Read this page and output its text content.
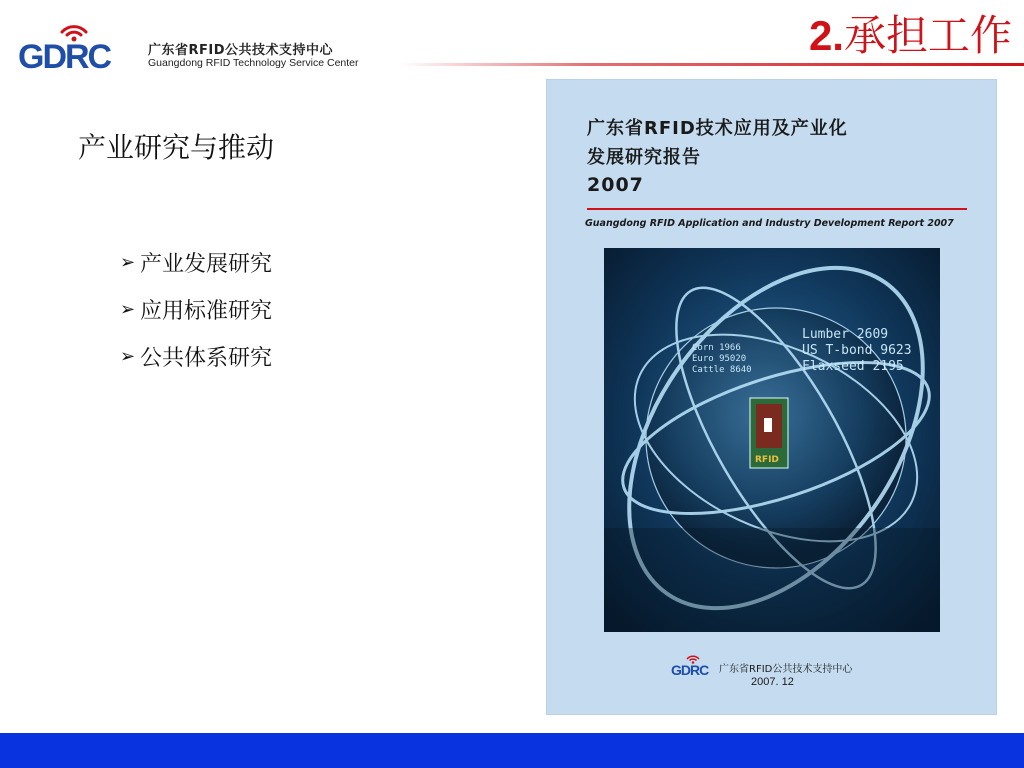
GDRC	广东省RFID公共技术支持中心
Guangdong RFID Technology Service Center
2.承担工作
产业研究与推动
➢ 产业发展研究
➢ 应用标准研究
➢ 公共体系研究
广东省RFID技术应用及产业化
发展研究报告
2007
Guangdong RFID Application and Industry Development Report 2007
Lumber 2609
US T-bond 9623
Flaxseed 2195
Corn 1966
Euro 95020
Cattle 8640
RFID
GDRC 广东省RFID公共技术支持中心
2007. 12
